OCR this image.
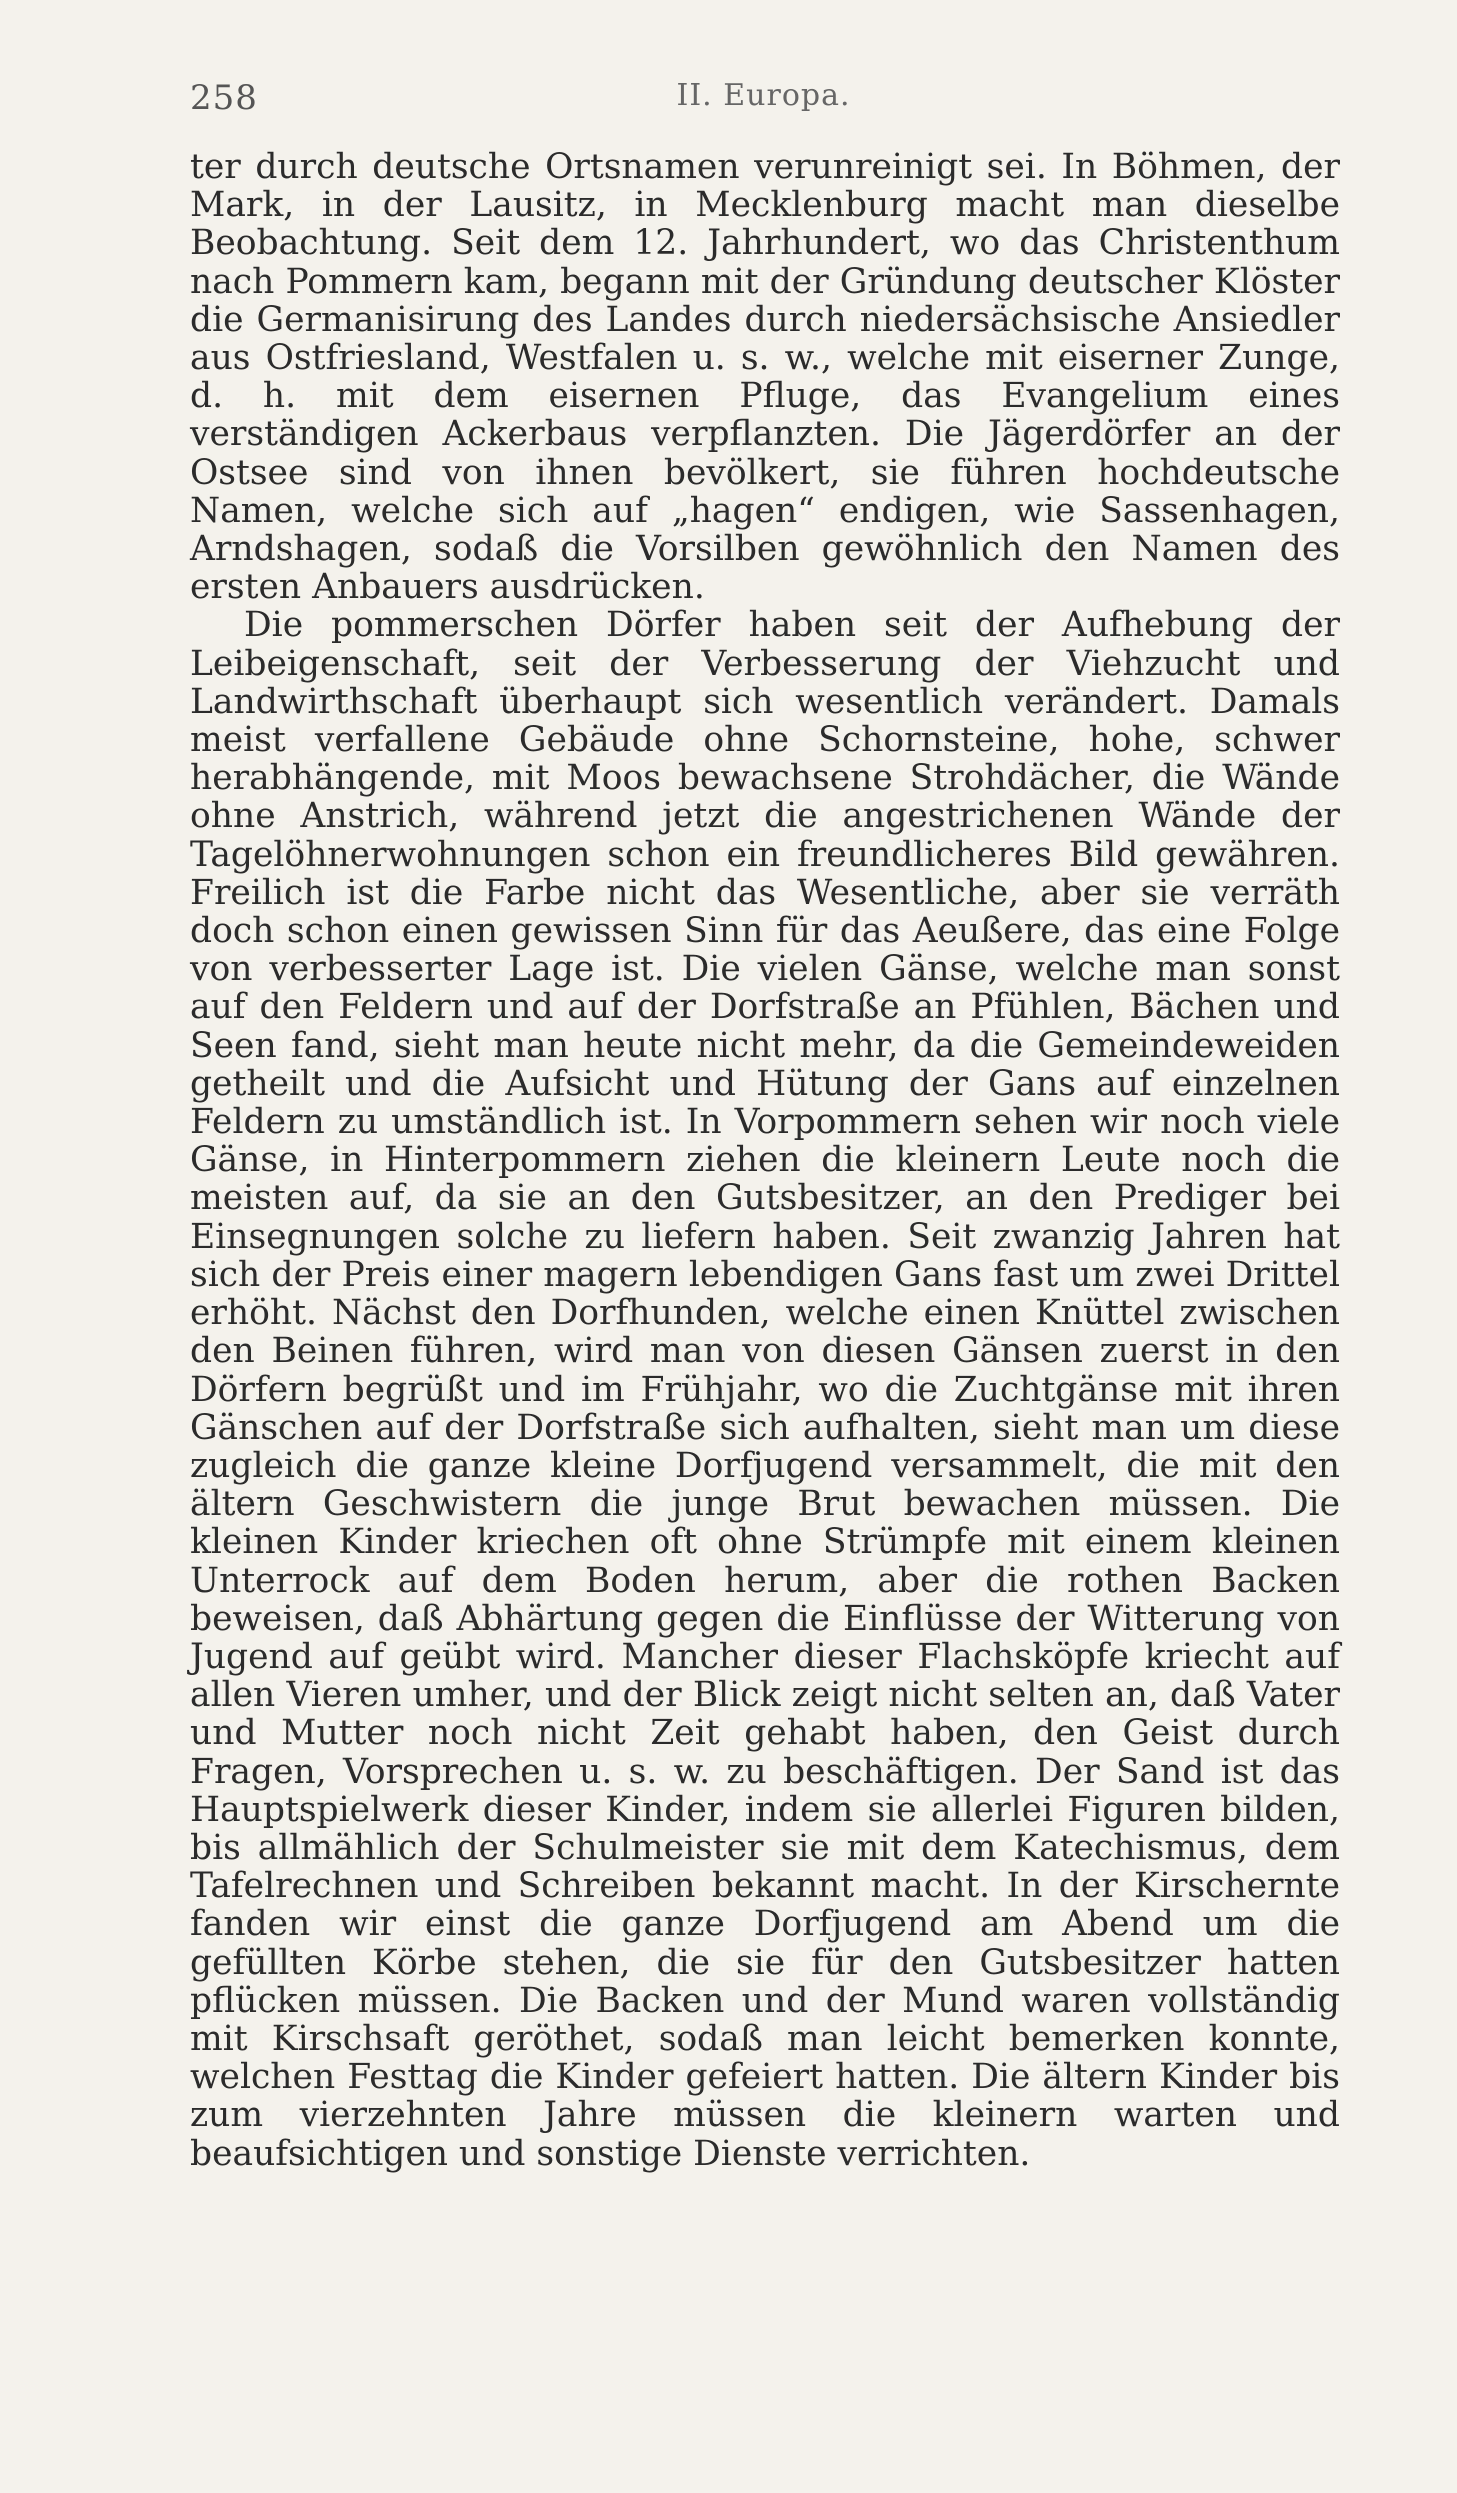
258	II. Europa.

ter durch deutsche Ortsnamen verunreinigt sei. In Böhmen, der Mark, in der Lausitz, in Mecklenburg macht man dieselbe Beobachtung. Seit dem 12. Jahrhundert, wo das Christenthum nach Pommern kam, begann mit der Gründung deutscher Klöster die Germanisirung des Landes durch niedersächsische Ansiedler aus Ostfriesland, Westfalen u. s. w., welche mit eiserner Zunge, d. h. mit dem eisernen Pfluge, das Evangelium eines verständigen Ackerbaus verpflanzten. Die Jägerdörfer an der Ostsee sind von ihnen bevölkert, sie führen hochdeutsche Namen, welche sich auf „hagen“ endigen, wie Sassenhagen, Arndshagen, sodaß die Vorsilben gewöhnlich den Namen des ersten Anbauers ausdrücken.

Die pommerschen Dörfer haben seit der Aufhebung der Leibeigenschaft, seit der Verbesserung der Viehzucht und Landwirthschaft überhaupt sich wesentlich verändert. Damals meist verfallene Gebäude ohne Schornsteine, hohe, schwer herabhängende, mit Moos bewachsene Strohdächer, die Wände ohne Anstrich, während jetzt die angestrichenen Wände der Tagelöhnerwohnungen schon ein freundlicheres Bild gewähren. Freilich ist die Farbe nicht das Wesentliche, aber sie verräth doch schon einen gewissen Sinn für das Aeußere, das eine Folge von verbesserter Lage ist. Die vielen Gänse, welche man sonst auf den Feldern und auf der Dorfstraße an Pfühlen, Bächen und Seen fand, sieht man heute nicht mehr, da die Gemeindeweiden getheilt und die Aufsicht und Hütung der Gans auf einzelnen Feldern zu umständlich ist. In Vorpommern sehen wir noch viele Gänse, in Hinterpommern ziehen die kleinern Leute noch die meisten auf, da sie an den Gutsbesitzer, an den Prediger bei Einsegnungen solche zu liefern haben. Seit zwanzig Jahren hat sich der Preis einer magern lebendigen Gans fast um zwei Drittel erhöht. Nächst den Dorfhunden, welche einen Knüttel zwischen den Beinen führen, wird man von diesen Gänsen zuerst in den Dörfern begrüßt und im Frühjahr, wo die Zuchtgänse mit ihren Gänschen auf der Dorfstraße sich aufhalten, sieht man um diese zugleich die ganze kleine Dorfjugend versammelt, die mit den ältern Geschwistern die junge Brut bewachen müssen. Die kleinen Kinder kriechen oft ohne Strümpfe mit einem kleinen Unterrock auf dem Boden herum, aber die rothen Backen beweisen, daß Abhärtung gegen die Einflüsse der Witterung von Jugend auf geübt wird. Mancher dieser Flachsköpfe kriecht auf allen Vieren umher, und der Blick zeigt nicht selten an, daß Vater und Mutter noch nicht Zeit gehabt haben, den Geist durch Fragen, Vorsprechen u. s. w. zu beschäftigen. Der Sand ist das Hauptspielwerk dieser Kinder, indem sie allerlei Figuren bilden, bis allmählich der Schulmeister sie mit dem Katechismus, dem Tafelrechnen und Schreiben bekannt macht. In der Kirschernte fanden wir einst die ganze Dorfjugend am Abend um die gefüllten Körbe stehen, die sie für den Gutsbesitzer hatten pflücken müssen. Die Backen und der Mund waren vollständig mit Kirschsaft geröthet, sodaß man leicht bemerken konnte, welchen Festtag die Kinder gefeiert hatten. Die ältern Kinder bis zum vierzehnten Jahre müssen die kleinern warten und beaufsichtigen und sonstige Dienste verrichten.
